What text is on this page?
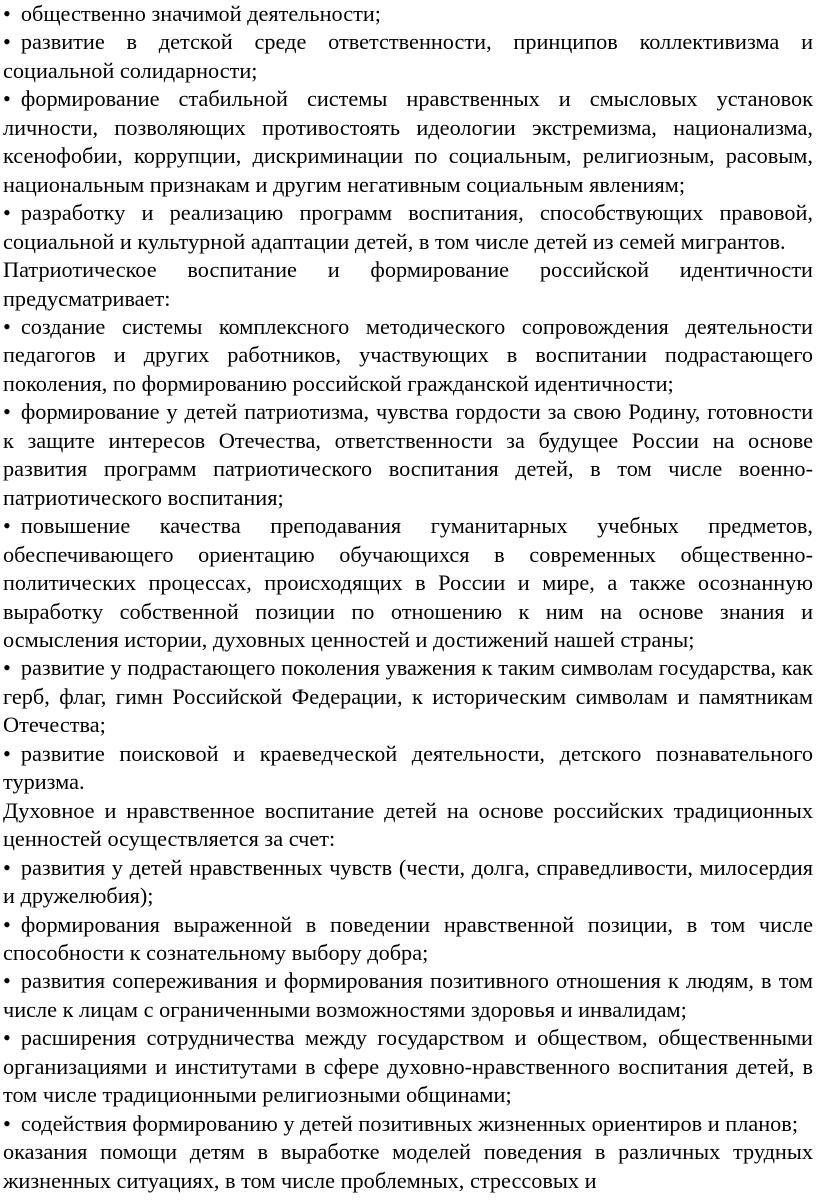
• общественно значимой деятельности;

• развитие в детской среде ответственности, принципов коллективизма и социальной солидарности;

• формирование стабильной системы нравственных и смысловых установок личности, позволяющих противостоять идеологии экстремизма, национализма, ксенофобии, коррупции, дискриминации по социальным, религиозным, расовым, национальным признакам и другим негативным социальным явлениям;

• разработку и реализацию программ воспитания, способствующих правовой, социальной и культурной адаптации детей, в том числе детей из семей мигрантов.

Патриотическое воспитание и формирование российской идентичности предусматривает:

• создание системы комплексного методического сопровождения деятельности педагогов и других работников, участвующих в воспитании подрастающего поколения, по формированию российской гражданской идентичности;

• формирование у детей патриотизма, чувства гордости за свою Родину, готовности к защите интересов Отечества, ответственности за будущее России на основе развития программ патриотического воспитания детей, в том числе военно-патриотического воспитания;

• повышение качества преподавания гуманитарных учебных предметов, обеспечивающего ориентацию обучающихся в современных общественно-политических процессах, происходящих в России и мире, а также осознанную выработку собственной позиции по отношению к ним на основе знания и осмысления истории, духовных ценностей и достижений нашей страны;

• развитие у подрастающего поколения уважения к таким символам государства, как герб, флаг, гимн Российской Федерации, к историческим символам и памятникам Отечества;

• развитие поисковой и краеведческой деятельности, детского познавательного туризма.

Духовное и нравственное воспитание детей на основе российских традиционных ценностей осуществляется за счет:

• развития у детей нравственных чувств (чести, долга, справедливости, милосердия и дружелюбия);

• формирования выраженной в поведении нравственной позиции, в том числе способности к сознательному выбору добра;

• развития сопереживания и формирования позитивного отношения к людям, в том числе к лицам с ограниченными возможностями здоровья и инвалидам;

• расширения сотрудничества между государством и обществом, общественными организациями и институтами в сфере духовно-нравственного воспитания детей, в том числе традиционными религиозными общинами;

• содействия формированию у детей позитивных жизненных ориентиров и планов;

оказания помощи детям в выработке моделей поведения в различных трудных жизненных ситуациях, в том числе проблемных, стрессовых и
